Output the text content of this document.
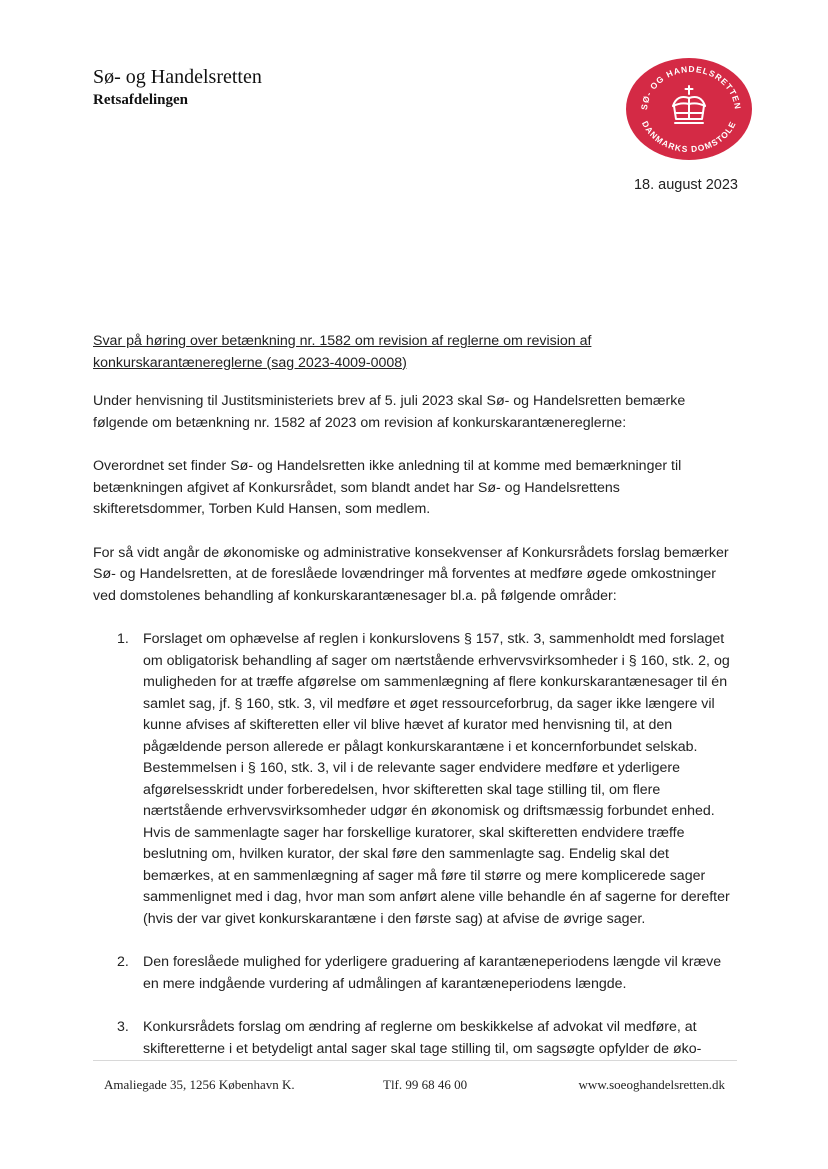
Sø- og Handelsretten
Retsafdelingen	SØ- OG HANDELSRETTEN
DANMARKS DOMSTOLE
18. august 2023

Svar på høring over betænkning nr. 1582 om revision af reglerne om revision af konkurskarantænereglerne (sag 2023-4009-0008)

Under henvisning til Justitsministeriets brev af 5. juli 2023 skal Sø- og Handelsretten bemærke følgende om betænkning nr. 1582 af 2023 om revision af konkurskarantænereglerne:

Overordnet set finder Sø- og Handelsretten ikke anledning til at komme med bemærkninger til betænkningen afgivet af Konkursrådet, som blandt andet har Sø- og Handelsrettens skifteretsdommer, Torben Kuld Hansen, som medlem.

For så vidt angår de økonomiske og administrative konsekvenser af Konkursrådets forslag bemærker Sø- og Handelsretten, at de foreslåede lovændringer må forventes at medføre øgede omkostninger ved domstolenes behandling af konkurskarantænesager bl.a. på følgende områder:

1. Forslaget om ophævelse af reglen i konkurslovens § 157, stk. 3, sammenholdt med forslaget om obligatorisk behandling af sager om nærtstående erhvervsvirksomheder i § 160, stk. 2, og muligheden for at træffe afgørelse om sammenlægning af flere konkurskarantænesager til én samlet sag, jf. § 160, stk. 3, vil medføre et øget ressourceforbrug, da sager ikke længere vil kunne afvises af skifteretten eller vil blive hævet af kurator med henvisning til, at den pågældende person allerede er pålagt konkurskarantæne i et koncernforbundet selskab. Bestemmelsen i § 160, stk. 3, vil i de relevante sager endvidere medføre et yderligere afgørelsesskridt under forberedelsen, hvor skifteretten skal tage stilling til, om flere nærtstående erhvervsvirksomheder udgør én økonomisk og driftsmæssig forbundet enhed. Hvis de sammenlagte sager har forskellige kuratorer, skal skifteretten endvidere træffe beslutning om, hvilken kurator, der skal føre den sammenlagte sag. Endelig skal det bemærkes, at en sammenlægning af sager må føre til større og mere komplicerede sager sammenlignet med i dag, hvor man som anført alene ville behandle én af sagerne for derefter (hvis der var givet konkurskarantæne i den første sag) at afvise de øvrige sager.
2. Den foreslåede mulighed for yderligere graduering af karantæneperiodens længde vil kræve en mere indgående vurdering af udmålingen af karantæneperiodens længde.
3. Konkursrådets forslag om ændring af reglerne om beskikkelse af advokat vil medføre, at skifteretterne i et betydeligt antal sager skal tage stilling til, om sagsøgte opfylder de øko-
Amaliegade 35, 1256 København K.	Tlf. 99 68 46 00	www.soeoghandelsretten.dk
